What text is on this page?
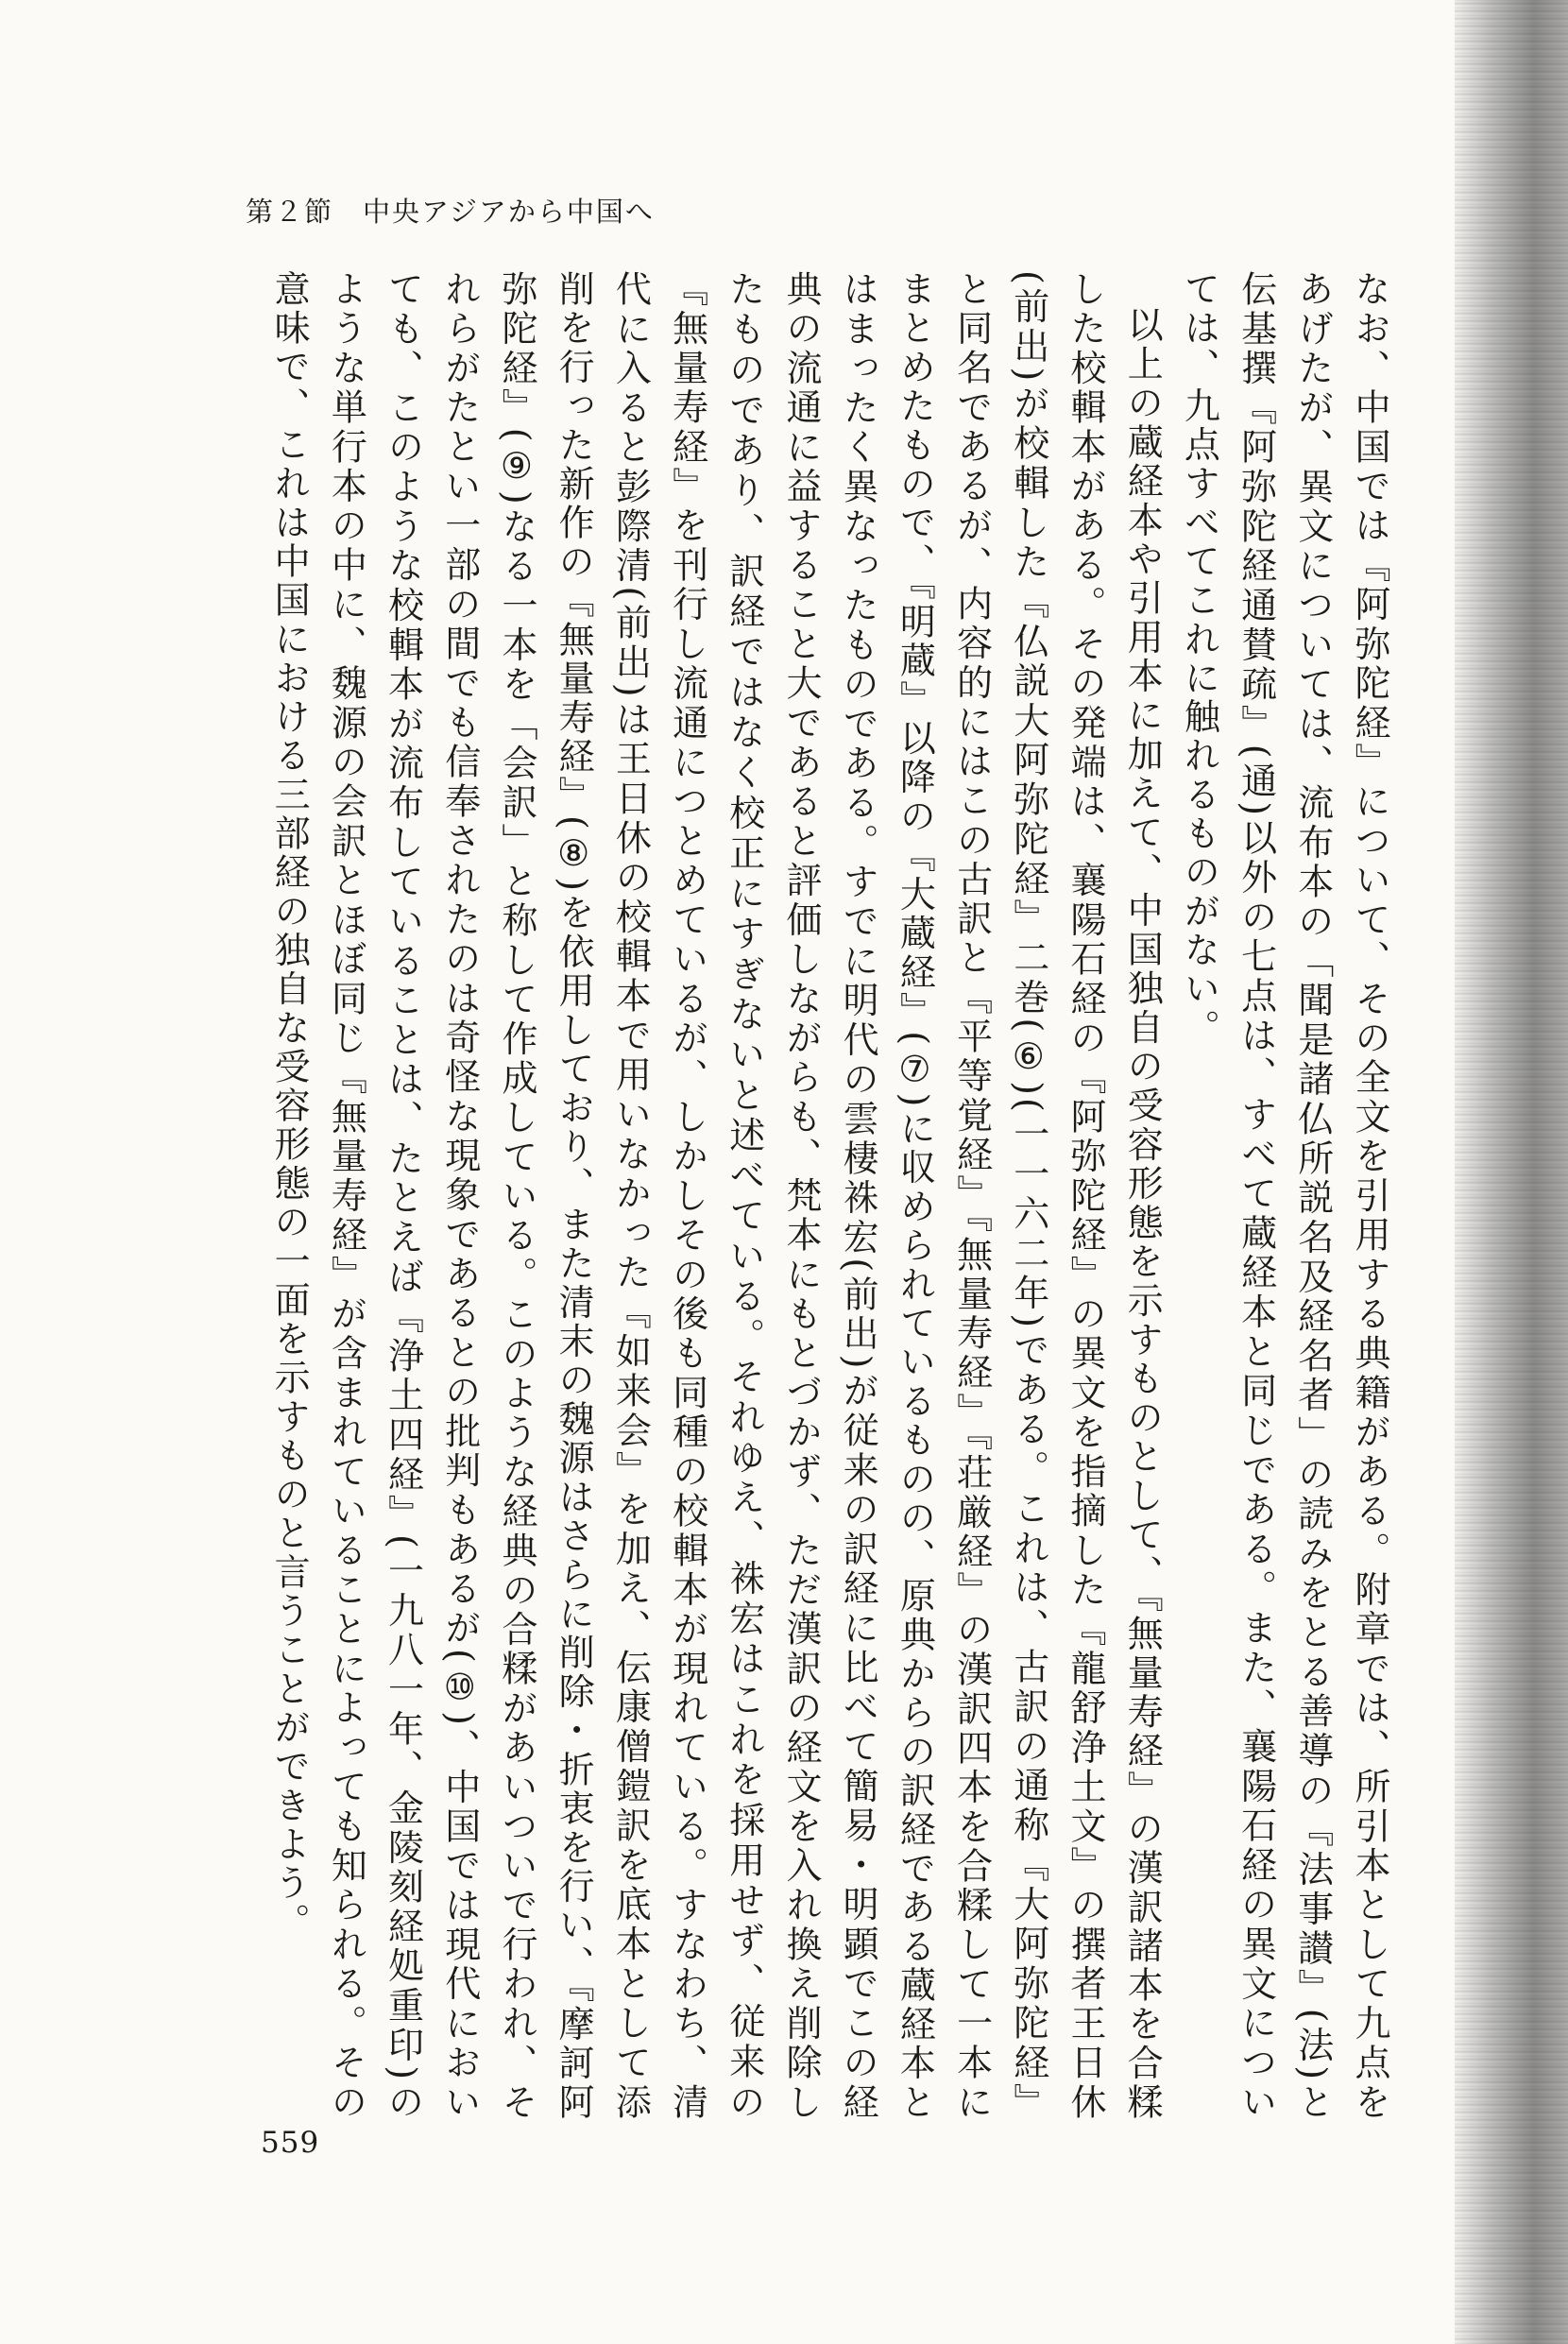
第２節　中央アジアから中国へ

なお、中国では『阿弥陀経』について、その全文を引用する典籍がある。附章では、所引本として九点をあげたが、異文については、流布本の「聞是諸仏所説名及経名者」の読みをとる善導の『法事讃』(法)と伝基撰『阿弥陀経通賛疏』(通)以外の七点は、すべて蔵経本と同じである。また、襄陽石経の異文については、九点すべてこれに触れるものがない。

以上の蔵経本や引用本に加えて、中国独自の受容形態を示すものとして、『無量寿経』の漢訳諸本を合糅した校輯本がある。その発端は、襄陽石経の『阿弥陀経』の異文を指摘した『龍舒浄土文』の撰者王日休(前出)が校輯した『仏説大阿弥陀経』二巻(⑥)(一一六二年)である。これは、古訳の通称『大阿弥陀経』と同名であるが、内容的にはこの古訳と『平等覚経』『無量寿経』『荘厳経』の漢訳四本を合糅して一本にまとめたもので、『明蔵』以降の『大蔵経』(⑦)に収められているものの、原典からの訳経である蔵経本とはまったく異なったものである。すでに明代の雲棲袾宏(前出)が従来の訳経に比べて簡易・明顕でこの経典の流通に益すること大であると評価しながらも、梵本にもとづかず、ただ漢訳の経文を入れ換え削除したものであり、訳経ではなく校正にすぎないと述べている。それゆえ、袾宏はこれを採用せず、従来の『無量寿経』を刊行し流通につとめているが、しかしその後も同種の校輯本が現れている。すなわち、清代に入ると彭際清(前出)は王日休の校輯本で用いなかった『如来会』を加え、伝康僧鎧訳を底本として添削を行った新作の『無量寿経』(⑧)を依用しており、また清末の魏源はさらに削除・折衷を行い、『摩訶阿弥陀経』(⑨)なる一本を「会訳」と称して作成している。このような経典の合糅があいついで行われ、それらがたとい一部の間でも信奉されたのは奇怪な現象であるとの批判もあるが(⑩)、中国では現代においても、このような校輯本が流布していることは、たとえば『浄土四経』(一九八一年、金陵刻経処重印)のような単行本の中に、魏源の会訳とほぼ同じ『無量寿経』が含まれていることによっても知られる。その意味で、これは中国における三部経の独自な受容形態の一面を示すものと言うことができよう。

559
